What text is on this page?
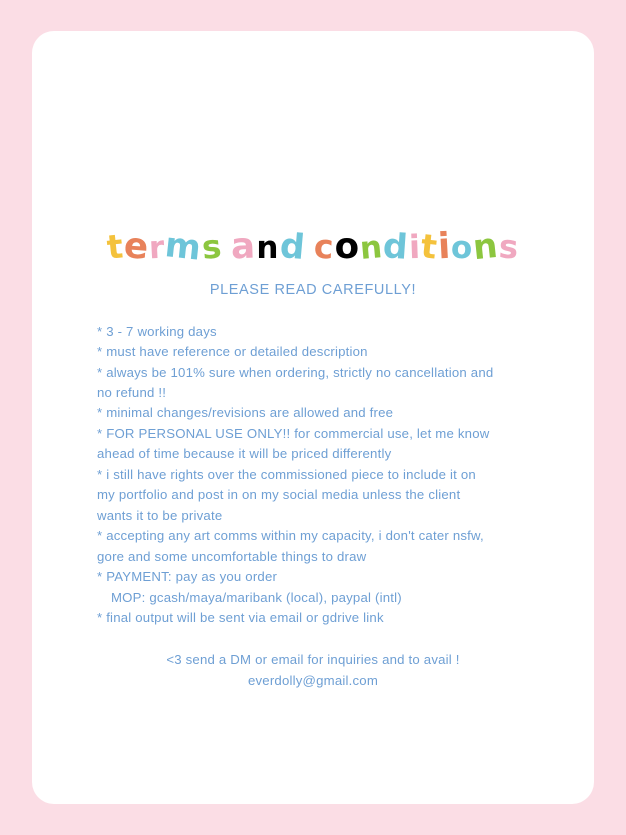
terms and conditions
PLEASE READ CAREFULLY!
* 3 - 7 working days
* must have reference or detailed description
* always be 101% sure when ordering, strictly no cancellation and
no refund !!
* minimal changes/revisions are allowed and free
* FOR PERSONAL USE ONLY!! for commercial use, let me know
ahead of time because it will be priced differently
* i still have rights over the commissioned piece to include it on
my portfolio and post in on my social media unless the client
wants it to be private
* accepting any art comms within my capacity, i don't cater nsfw,
gore and some uncomfortable things to draw
* PAYMENT: pay as you order
MOP: gcash/maya/maribank (local), paypal (intl)
* final output will be sent via email or gdrive link
<3 send a DM or email for inquiries and to avail !
everdolly@gmail.com
